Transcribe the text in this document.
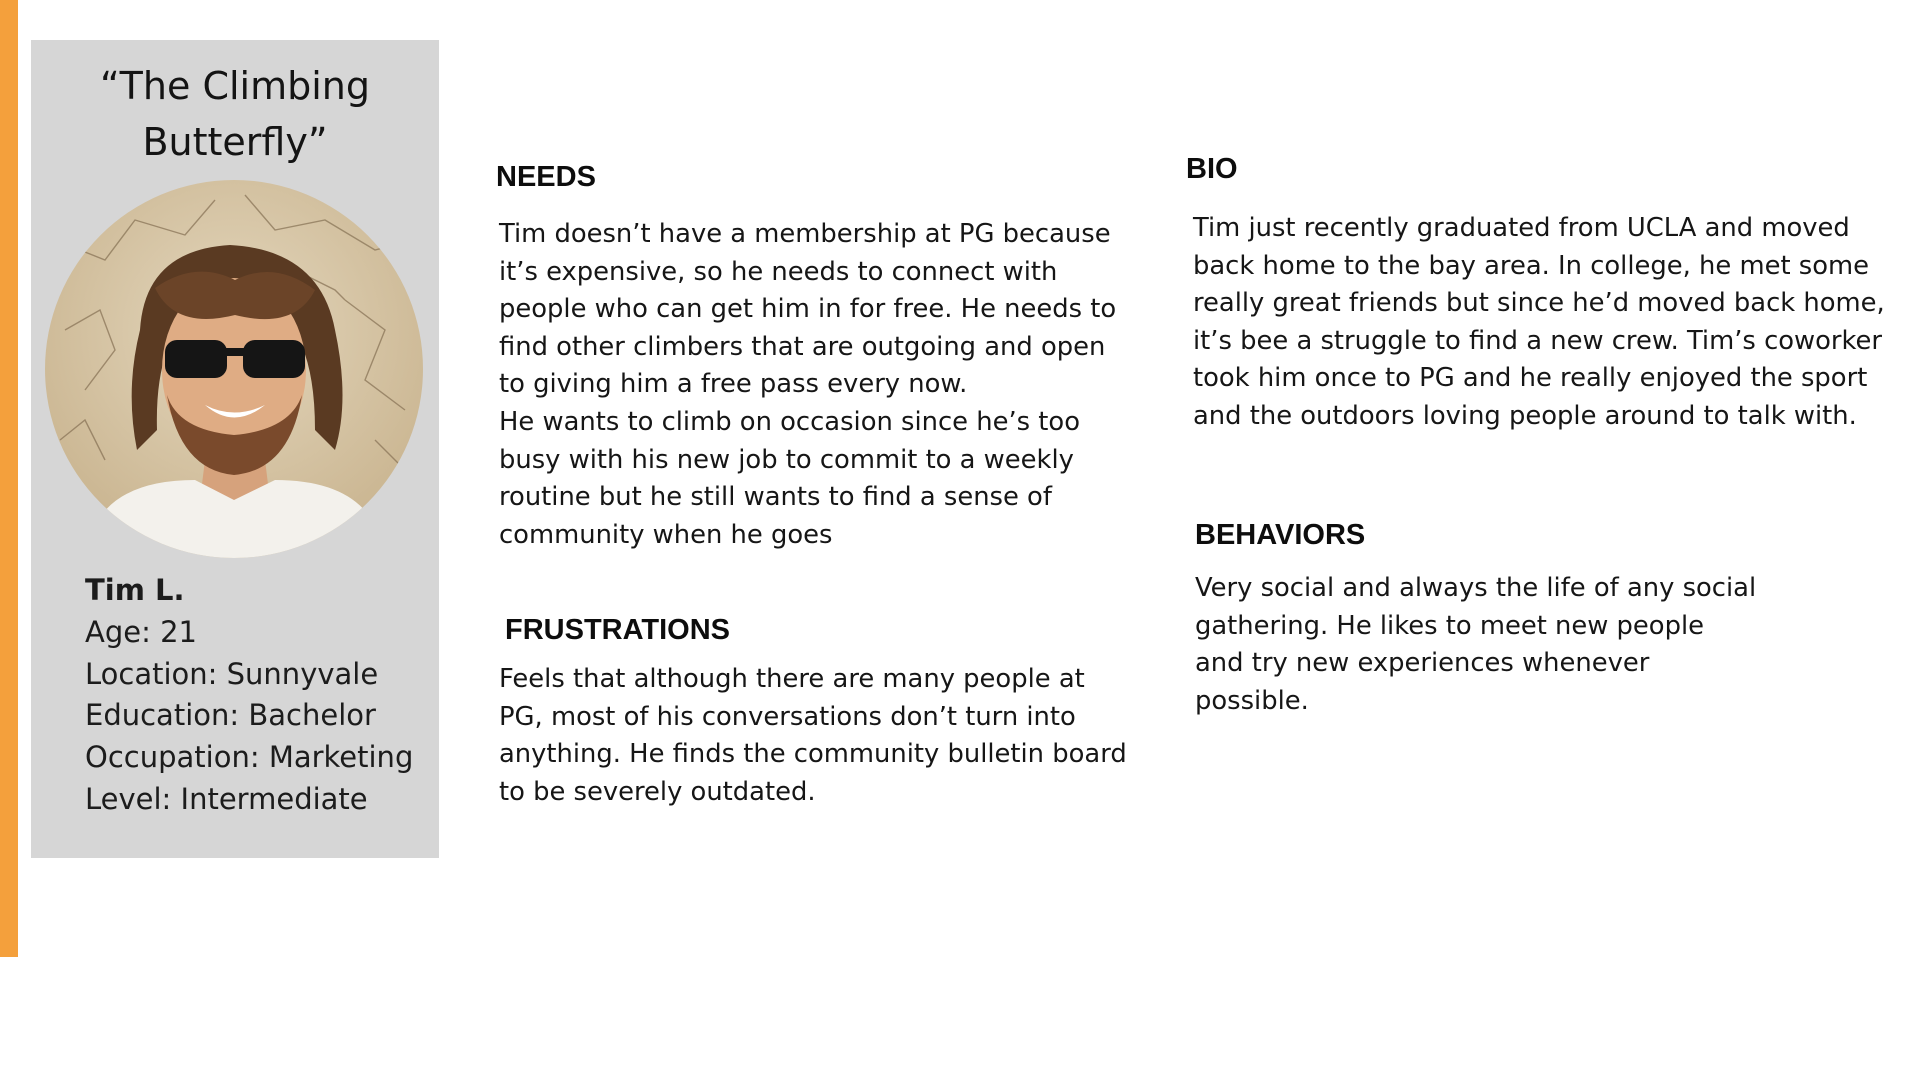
“The Climbing
Butterfly”
Tim L.
Age: 21
Location: Sunnyvale
Education: Bachelor
Occupation: Marketing
Level: Intermediate
NEEDS

Tim doesn’t have a membership at PG because

it’s expensive, so he needs to connect with

people who can get him in for free. He needs to

find other climbers that are outgoing and open

to giving him a free pass every now.

He wants to climb on occasion since he’s too

busy with his new job to commit to a weekly

routine but he still wants to find a sense of

community when he goes

FRUSTRATIONS

Feels that although there are many people at

PG, most of his conversations don’t turn into

anything. He finds the community bulletin board

to be severely outdated.

BIO

Tim just recently graduated from UCLA and moved

back home to the bay area. In college, he met some

really great friends but since he’d moved back home,

it’s bee a struggle to find a new crew. Tim’s coworker

took him once to PG and he really enjoyed the sport

and the outdoors loving people around to talk with.

BEHAVIORS

Very social and always the life of any social

gathering. He likes to meet new people

and try new experiences whenever

possible.
